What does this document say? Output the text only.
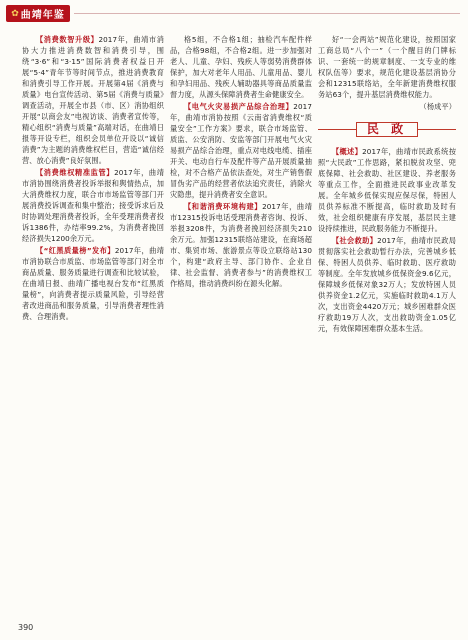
✿ 曲靖年鉴

【消费数智升级】2017年，曲靖市消协大力推进消费数智和消费引导，围绕“3·6”和“3·15”国际消费者权益日开展“5·4”青年节等时间节点，推进消费教育和消费引导工作开展。开展第4届《消费与质量》电台宣传活动、第5届《消费与质量》调查活动，开展全市县（市、区）消协组织开展“以商会友”电视访谈、消费者宣传等，精心组织“消费与质量”高端对话，在曲靖日报等开设专栏，组织会员单位开设以“诚信消费”为主题的消费维权栏目，营造“诚信经营、放心消费”良好氛围。

【消费维权精准监管】2017年，曲靖市消协围绕消费者投诉举报和舆情热点，加大消费维权力度，联合市市场监管等部门开展消费投诉调查和集中整治；接受诉求后及时协调处理消费者投诉，全年受理消费者投诉1386件，办结率99.2%，为消费者挽回经济损失1200余万元。

【“红黑质量榜”发布】2017年，曲靖市消协联合市质监、市场监管等部门对全市商品质量、服务质量进行调查和比较试验，在曲靖日报、曲靖广播电视台发布“红黑质量榜”，向消费者提示质量风险，引导经营者改进商品和服务质量，引导消费者理性消费、合理消费。

格5组，不合格1组；抽检汽车配件样品，合格98组，不合格2组。进一步加强对老人、儿童、孕妇、残疾人等弱势消费群体保护，加大对老年人用品、儿童用品、婴儿和孕妇用品、残疾人辅助器具等商品质量监督力度，从源头保障消费者生命健康安全。

【电气火灾易损产品综合治理】2017年，曲靖市消协按照《云南省消费维权“质量安全”工作方案》要求，联合市场监管、质监、公安消防、安监等部门开展电气火灾易损产品综合治理，重点对电线电缆、插座开关、电动自行车及配件等产品开展质量抽检，对不合格产品依法查处，对生产销售假冒伪劣产品的经营者依法追究责任，消除火灾隐患，提升消费者安全意识。

【和谐消费环境构建】2017年，曲靖市12315投诉电话受理消费者咨询、投诉、举报3208件，为消费者挽回经济损失210余万元。加强12315联络站建设，在商场超市、集贸市场、旅游景点等设立联络站130个，构建“政府主导、部门协作、企业自律、社会监督、消费者参与”的消费维权工作格局，推动消费纠纷在源头化解。

好“一会两站”规范化建设，按照国家工商总局“八个一”（一个醒目的门牌标识、一套统一的规章制度、一支专业的维权队伍等）要求，规范化建设基层消协分会和12315联络站，全年新建消费维权服务站63个，提升基层消费维权能力。

（杨成平）

民 政

【概述】2017年，曲靖市民政系统按照“大民政”工作思路，紧扣脱贫攻坚、兜底保障、社会救助、社区建设、养老服务等重点工作，全面推进民政事业改革发展。全年城乡低保实现应保尽保，特困人员供养标准不断提高，临时救助及时有效，社会组织健康有序发展，基层民主建设持续推进，民政服务能力不断提升。

【社会救助】2017年，曲靖市民政局贯彻落实社会救助暂行办法，完善城乡低保、特困人员供养、临时救助、医疗救助等制度。全年发放城乡低保资金9.6亿元，保障城乡低保对象32万人；发放特困人员供养资金1.2亿元，实施临时救助4.1万人次，支出资金4420万元；城乡困难群众医疗救助19万人次，支出救助资金1.05亿元，有效保障困难群众基本生活。

390
